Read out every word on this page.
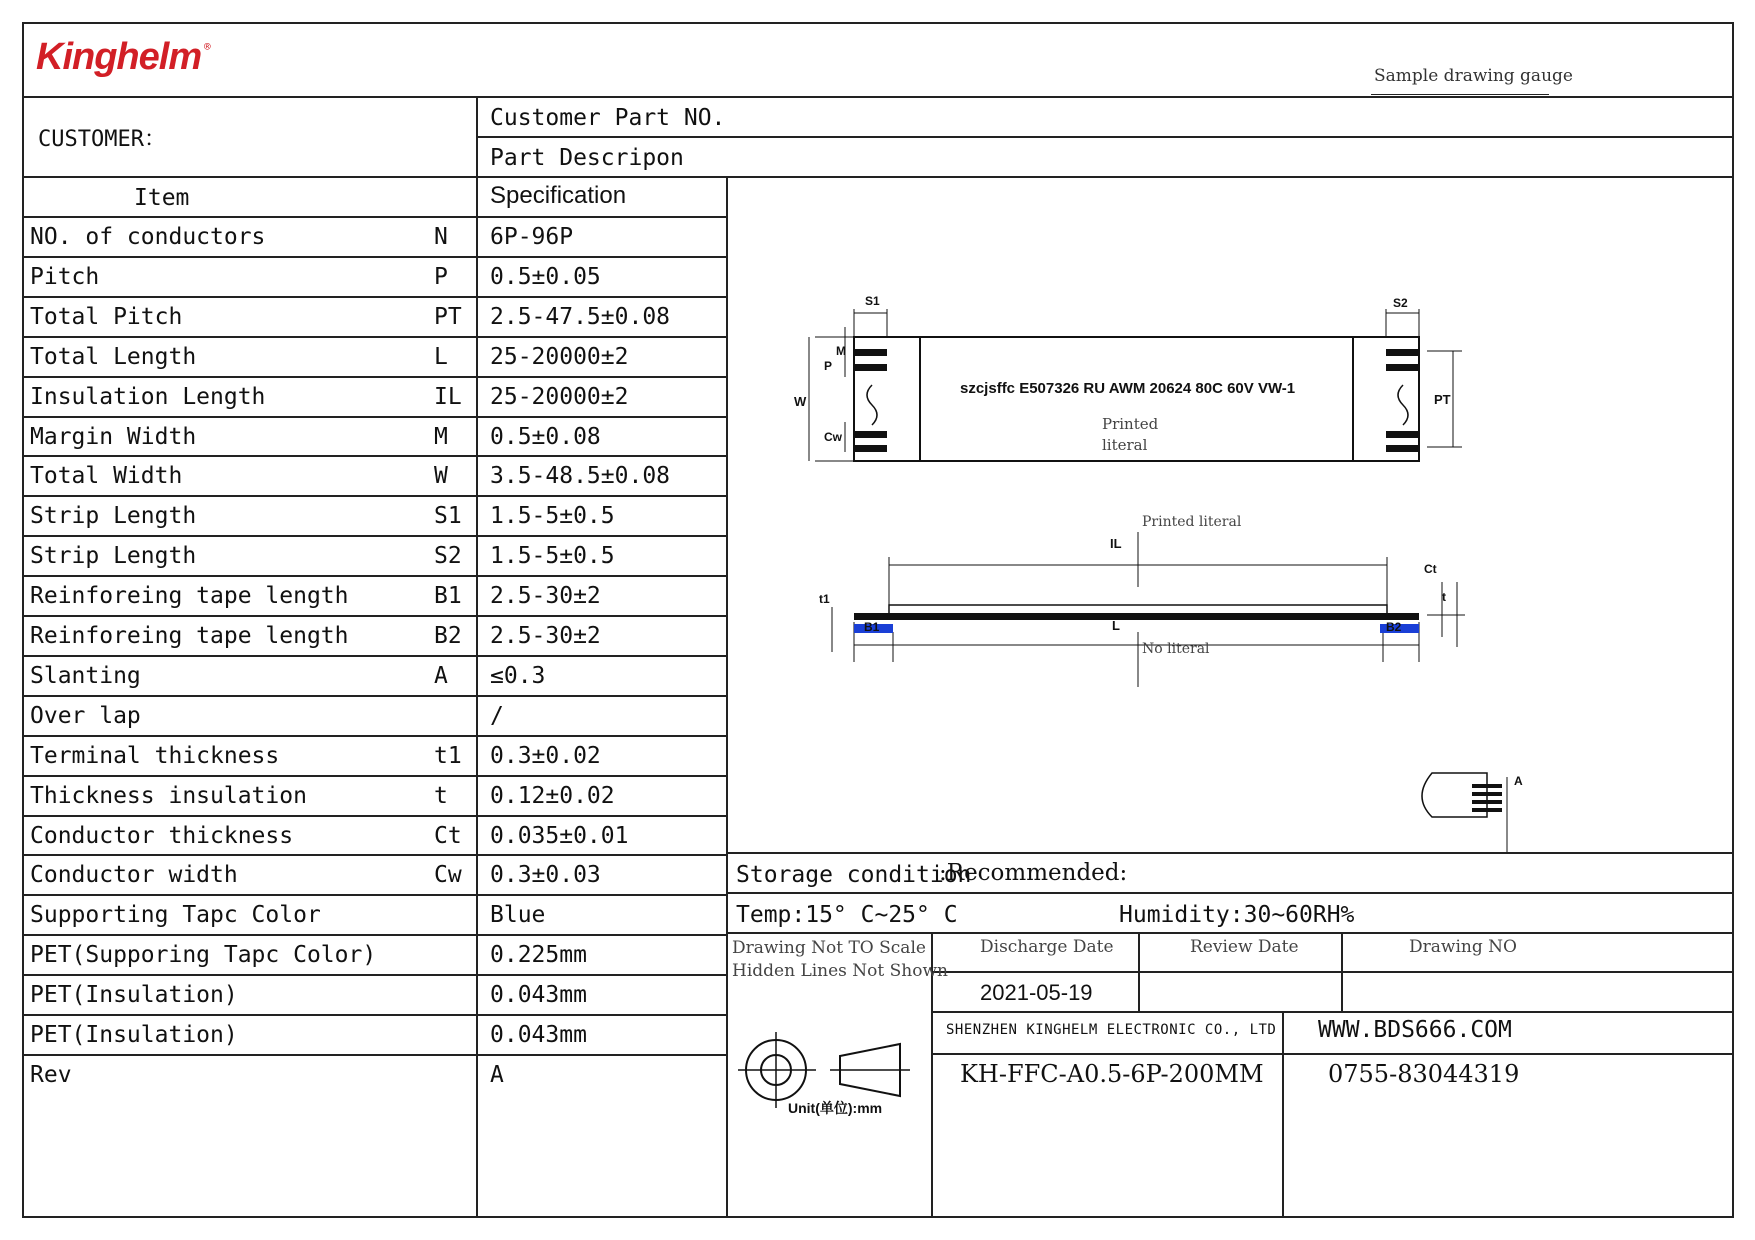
Kinghelm ®
Sample drawing gauge
CUSTOMER：
Customer Part NO.
Part Descripon
Item	Specification
NO. of conductors	N 6P-96P
Pitch	P 0.5±0.05
Total Pitch	PT 2.5-47.5±0.08
Total Length	L 25-20000±2
Insulation Length	IL 25-20000±2
Margin Width	M 0.5±0.08
Total Width	W 3.5-48.5±0.08
Strip Length	S1 1.5-5±0.5
Strip Length	S2 1.5-5±0.5
Reinforeing tape length	B1 2.5-30±2
Reinforeing tape length	B2 2.5-30±2
Slanting	A ≤0.3
Over lap	/
Terminal thickness	t1 0.3±0.02
Thickness insulation	t 0.12±0.02
Conductor thickness	Ct 0.035±0.01
Conductor width	Cw 0.3±0.03
Supporting Tapc Color	Blue
PET(Supporing Tapc Color)	0.225mm
PET(Insulation)	0.043mm
PET(Insulation)	0.043mm
Rev	A
Storage condition
:Recommended:
Temp:15° C~25° C	Humidity:30~60RH%
Drawing Not TO Scale
Hidden Lines Not Shown
Discharge Date	Review Date	Drawing NO
2021-05-19
SHENZHEN KINGHELM ELECTRONIC CO., LTD WWW.BDS666.COM
KH-FFC-A0.5-6P-200MM	0755-83044319
Unit(单位):mm
szcjsffc E507326 RU AWM 20624 80C 60V VW-1
Printed
literal
Printed literal
No literal
S1	S2
P
M
W
Cw
PT
IL
L
B1	B2
t1
Ct
t
A
